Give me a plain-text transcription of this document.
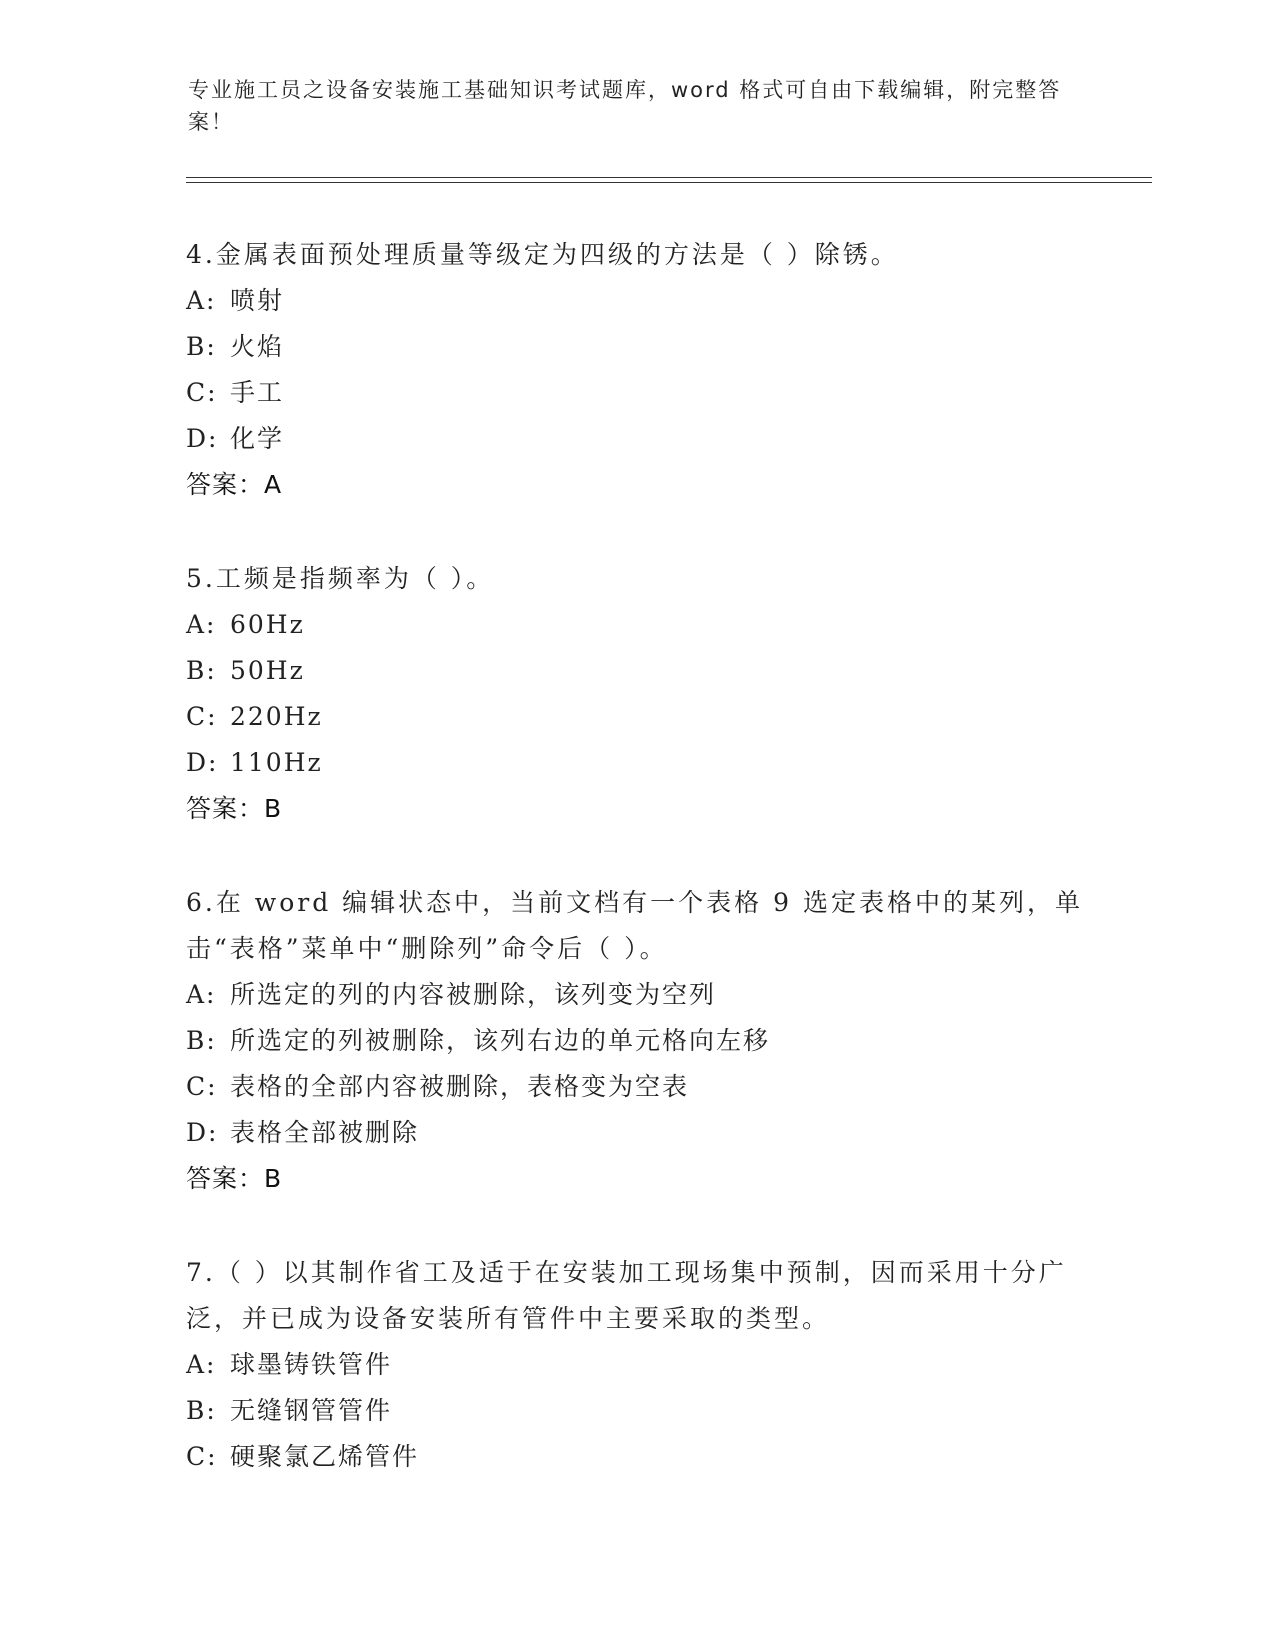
专业施工员之设备安装施工基础知识考试题库，word 格式可自由下载编辑，附完整答案！
4.金属表面预处理质量等级定为四级的方法是（ ）除锈。
A: 喷射
B: 火焰
C: 手工
D: 化学
答案：A
5.工频是指频率为（ ）。
A: 60Hz
B: 50Hz
C: 220Hz
D: 110Hz
答案：B
6.在 word 编辑状态中，当前文档有一个表格 9 选定表格中的某列，单击“表格”菜单中“删除列”命令后（ ）。
A: 所选定的列的内容被删除，该列变为空列
B: 所选定的列被删除，该列右边的单元格向左移
C: 表格的全部内容被删除，表格变为空表
D: 表格全部被删除
答案：B
7.（ ）以其制作省工及适于在安装加工现场集中预制，因而采用十分广泛，并已成为设备安装所有管件中主要采取的类型。
A: 球墨铸铁管件
B: 无缝钢管管件
C: 硬聚氯乙烯管件
